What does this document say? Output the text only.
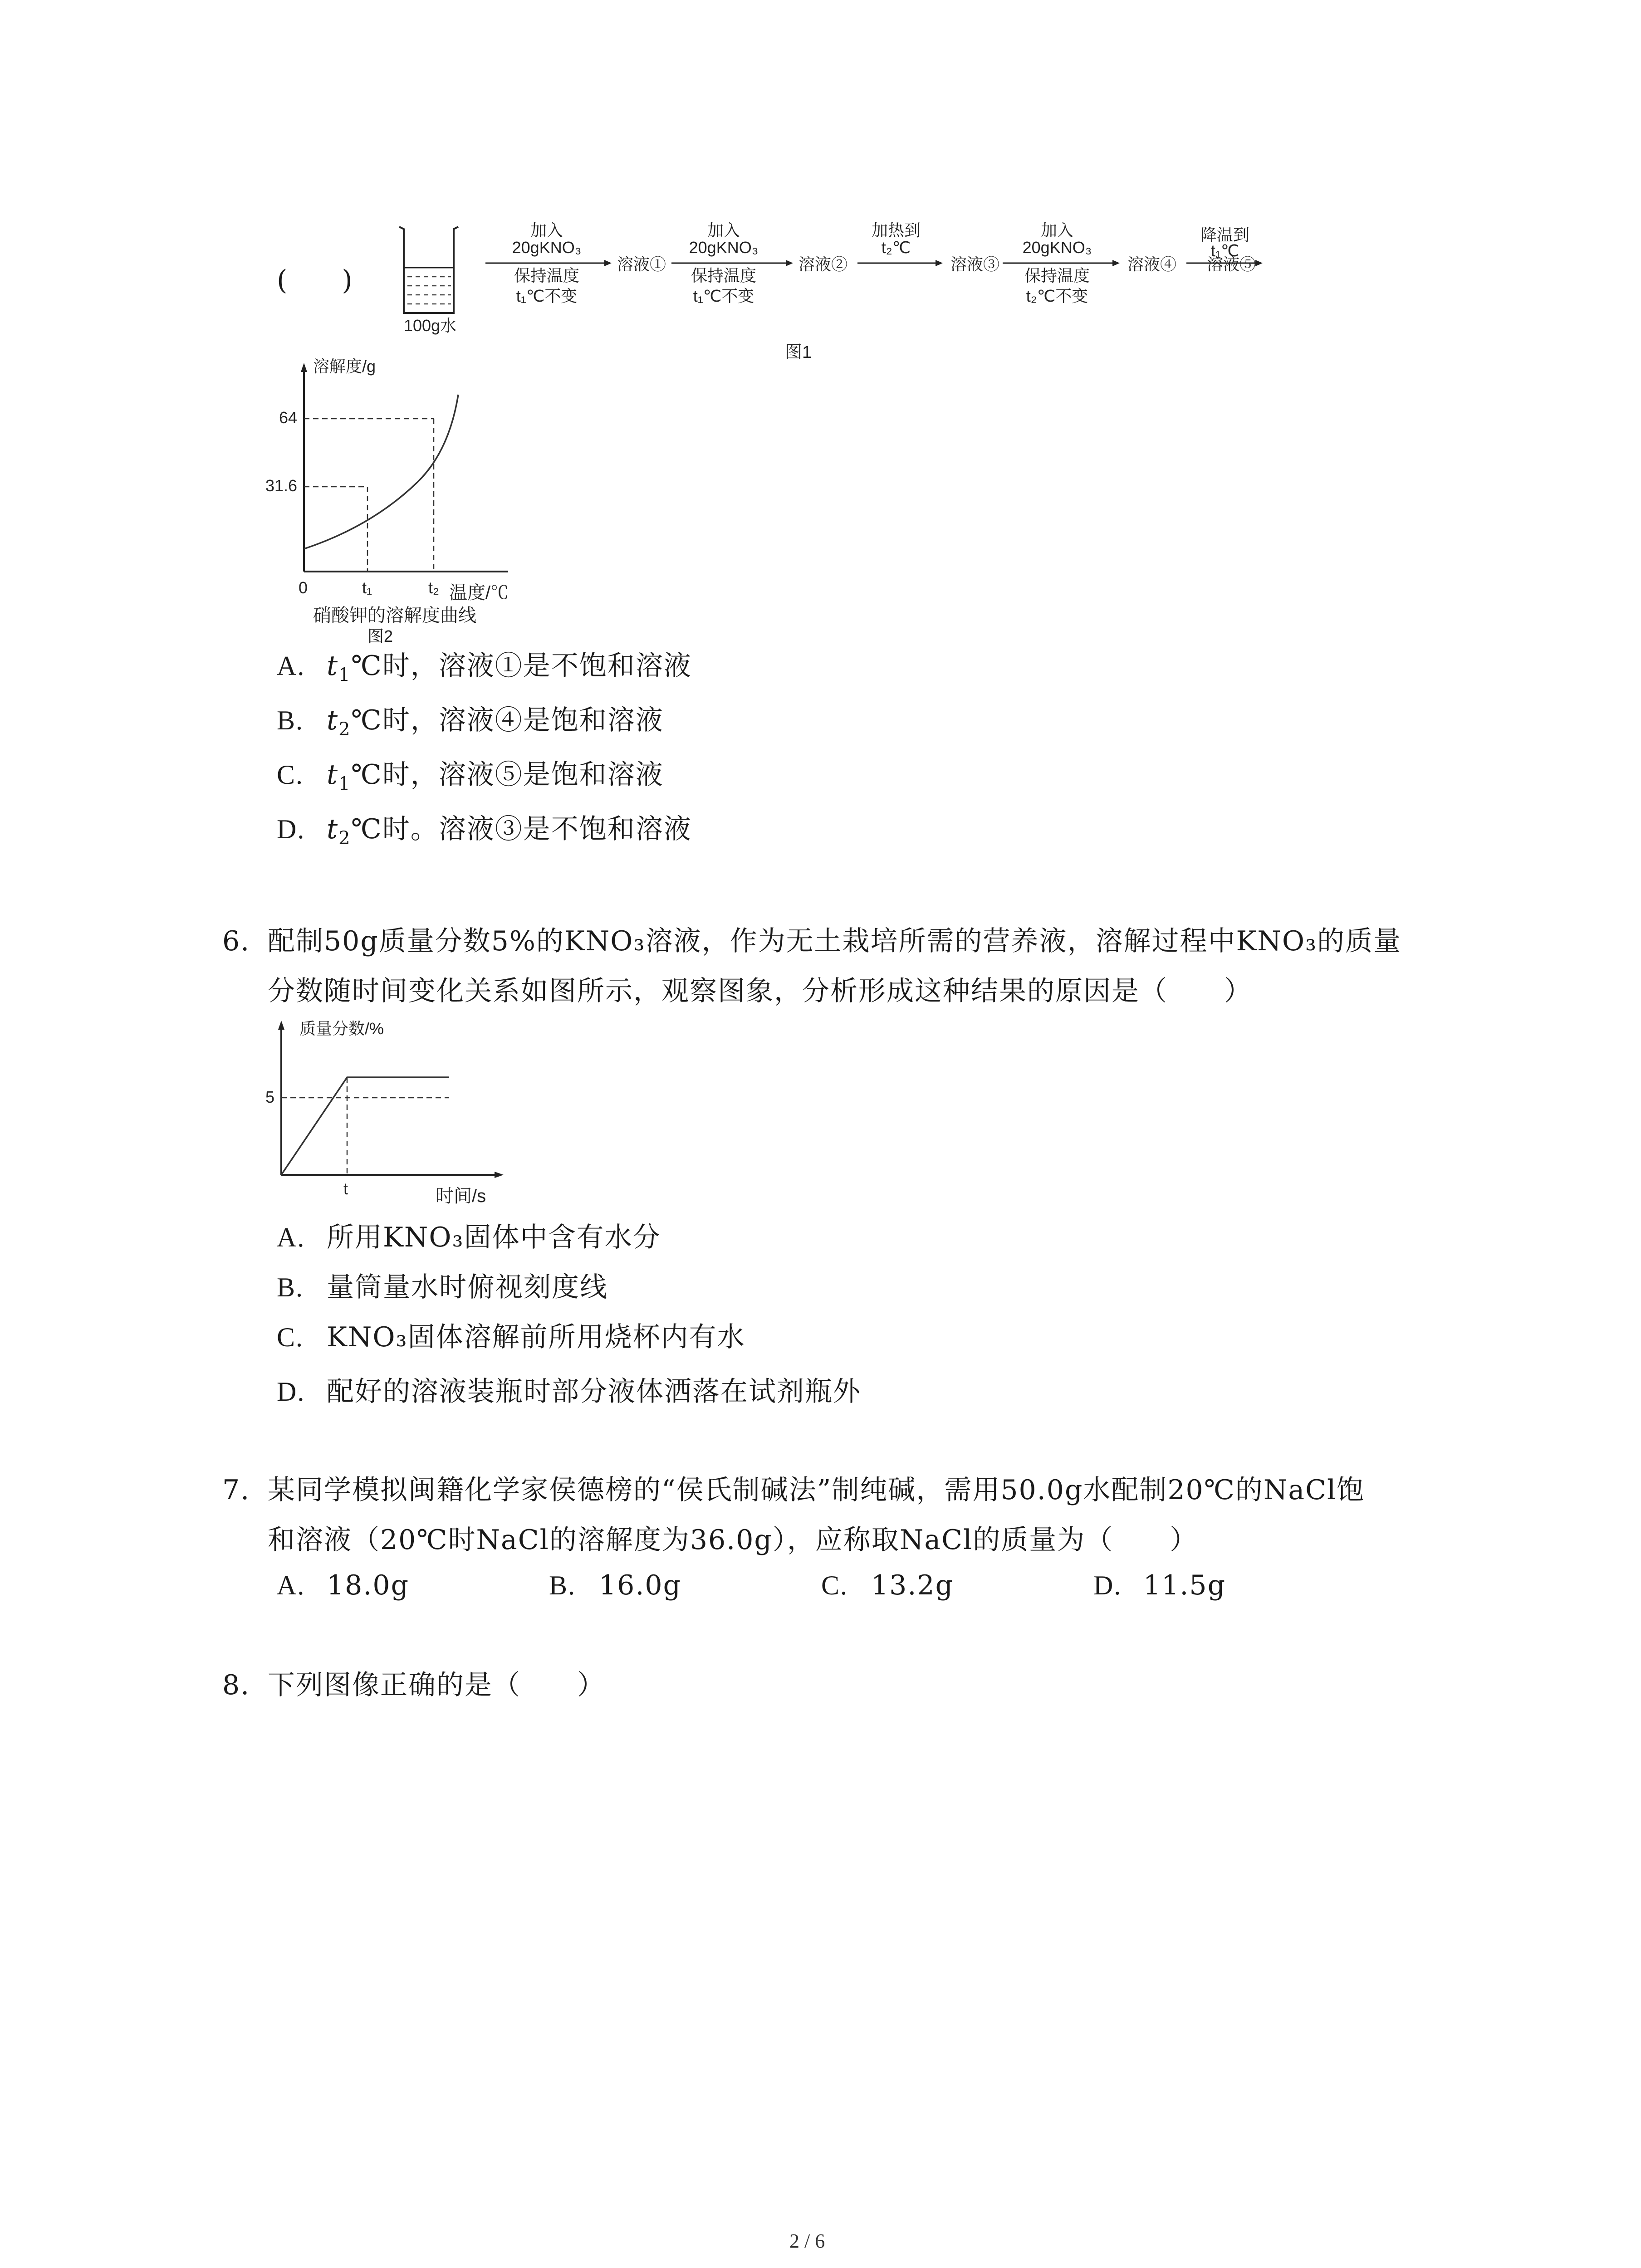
(　　)
100g水
加入
20gKNO₃
保持温度
t₁℃不变
溶液①
加入
20gKNO₃
保持温度
t₁℃不变
溶液②
加热到
t₂℃
溶液③
加入
20gKNO₃
保持温度
t₂℃不变
溶液④
降温到
t₁℃
溶液⑤
图1
溶解度/g
64
31.6
0	t₁	t₂ 温度/℃
硝酸钾的溶解度曲线
图2
A. $t_1℃$时，溶液①是不饱和溶液
B. $t_2℃$时，溶液④是饱和溶液
C. $t_1℃$时，溶液⑤是饱和溶液
D. $t_2℃$时。溶液③是不饱和溶液
6. 配制50g质量分数5%的KNO₃溶液，作为无土栽培所需的营养液，溶解过程中KNO₃的质量
分数随时间变化关系如图所示，观察图象，分析形成这种结果的原因是（　　）
质量分数/%
5
t	时间/s
A. 所用KNO₃固体中含有水分
B. 量筒量水时俯视刻度线
C. KNO₃固体溶解前所用烧杯内有水
D. 配好的溶液装瓶时部分液体洒落在试剂瓶外
7. 某同学模拟闽籍化学家侯德榜的“侯氏制碱法”制纯碱，需用50.0g水配制20℃的NaCl饱
和溶液（20℃时NaCl的溶解度为36.0g），应称取NaCl的质量为（　　）
A. 18.0g	B. 16.0g	C. 13.2g	D. 11.5g
8. 下列图像正确的是（　　）
2 / 6
